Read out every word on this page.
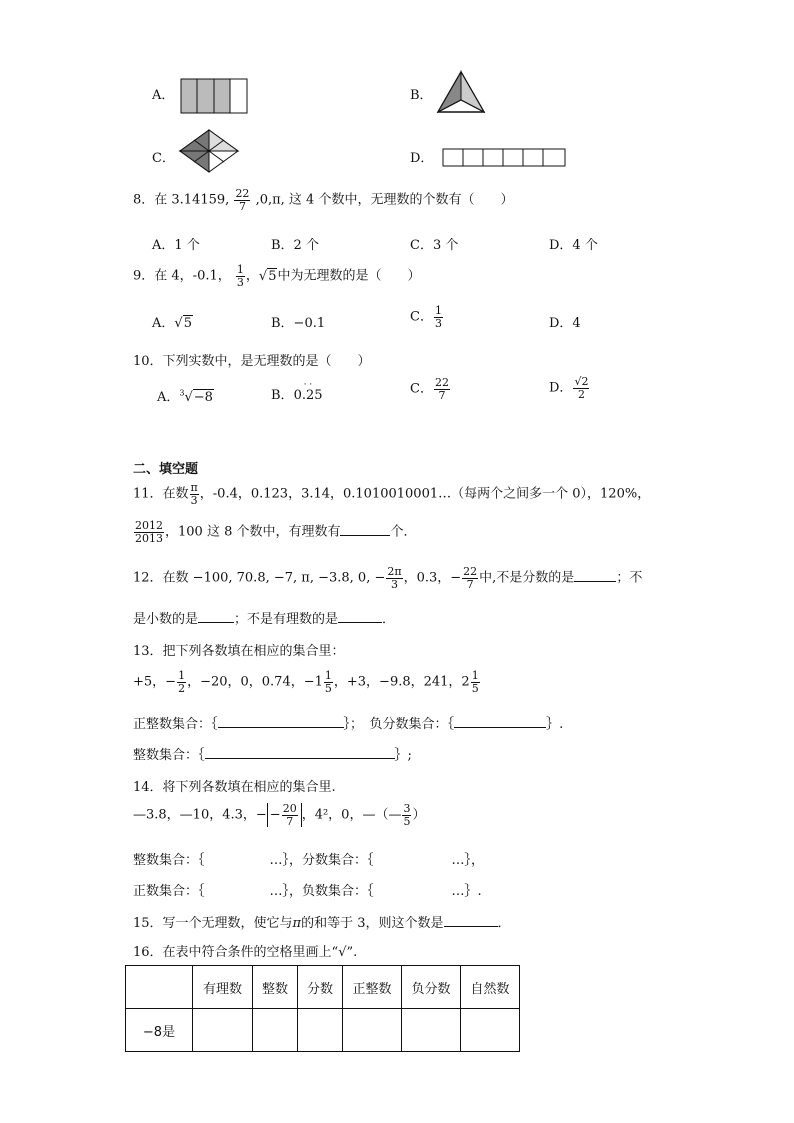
A．	B．
C．	D．
8．在 3.14159, $\frac{22}{7} ,0,\pi$, 这 4 个数中，无理数的个数有（　　）
A．1 个	B．2 个	C．3 个	D．4 个
9．在 4，-0.1， $\frac{1}{3}$ ，√5中为无理数的是（　　）
A．√5	B．−0.1	C． $\frac{1}{3}$	D．4
10．下列实数中，是无理数的是（　　）
A．$^3$√−8	B．
· ·
0.25	C． $\frac{22}{7}$	D． $\frac{√2}{2}$
二、填空题
11．在数 $\frac{\pi}{3}$ ，-0.4，0.123，3.14，0.1010010001…（每两个之间多一个 0），120%，
$\frac{2012}{2013}$ ，100 这 8 个数中，有理数有	个．
12．在数 −100, 70.8, −7, π, −3.8, 0, − $\frac{2\pi}{3}$ ，0.3，− $\frac{22}{7}$ 中,不是分数的是	；不
是小数的是	；不是有理数的是	．
13．把下列各数填在相应的集合里：
+5，− $\frac{1}{2}$ ，−20，0，0.74，$-1 \frac{1}{5}$ ，+3，−9.8，241，$2 \frac{1}{5}$
正整数集合：｛	｝；　 负分数集合：｛	｝.
整数集合：｛	｝;
14．将下列各数填在相应的集合里.
—3.8，—10，4.3，− − $\frac{20}{7}$ ，4²，0，—（— $\frac{3}{5}$ ）
整数集合：｛　　　　　…｝，分数集合：｛　　　　　　…｝，
正数集合：｛　　　　　…｝，负数集合：｛　　　　　　…｝.
15．写一个无理数，使它与π的和等于 3，则这个数是	．
16．在表中符合条件的空格里画上“√”.
	有理数	整数	分数	正整数	负分数	自然数
−8是						
